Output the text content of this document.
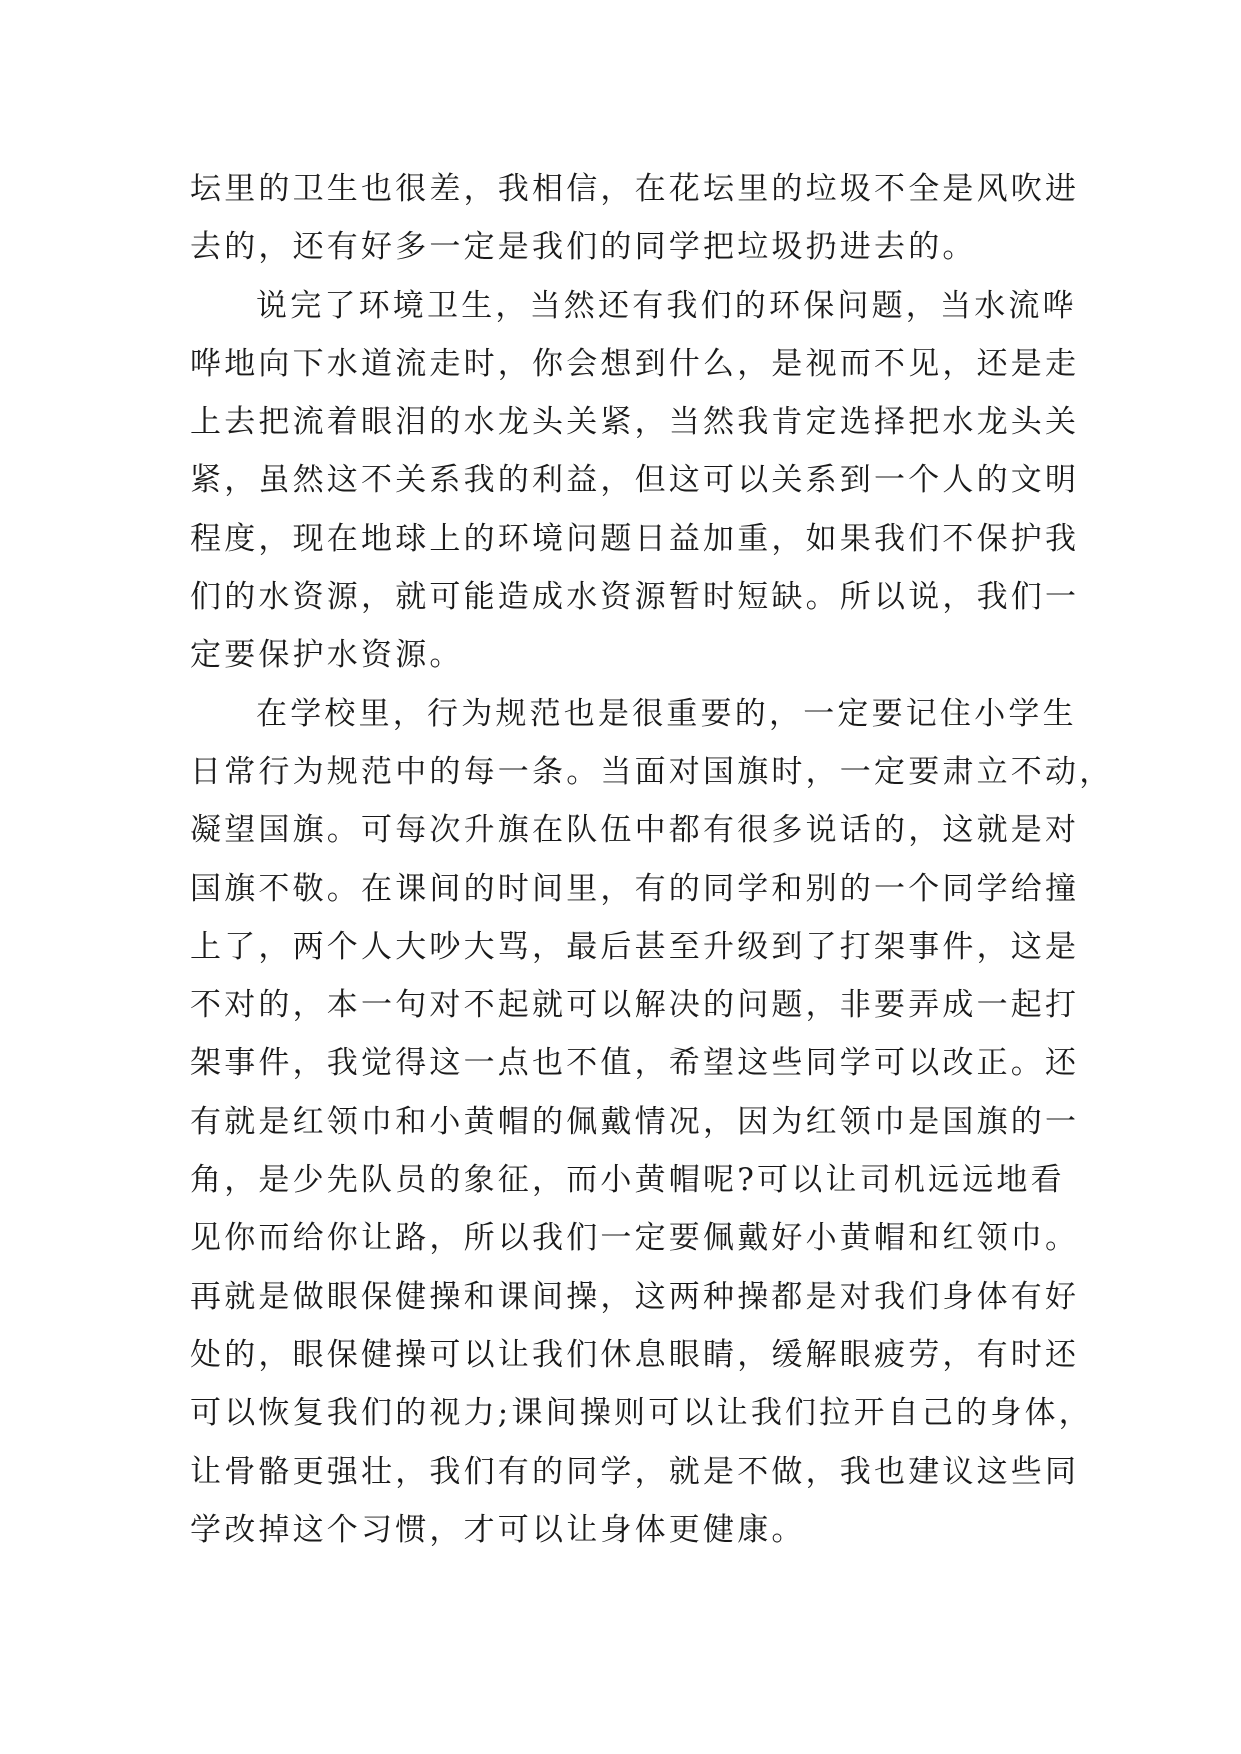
坛里的卫生也很差，我相信，在花坛里的垃圾不全是风吹进
去的，还有好多一定是我们的同学把垃圾扔进去的。
说完了环境卫生，当然还有我们的环保问题，当水流哗
哗地向下水道流走时，你会想到什么，是视而不见，还是走
上去把流着眼泪的水龙头关紧，当然我肯定选择把水龙头关
紧，虽然这不关系我的利益，但这可以关系到一个人的文明
程度，现在地球上的环境问题日益加重，如果我们不保护我
们的水资源，就可能造成水资源暂时短缺。所以说，我们一
定要保护水资源。
在学校里，行为规范也是很重要的，一定要记住小学生
日常行为规范中的每一条。当面对国旗时，一定要肃立不动，
凝望国旗。可每次升旗在队伍中都有很多说话的，这就是对
国旗不敬。在课间的时间里，有的同学和别的一个同学给撞
上了，两个人大吵大骂，最后甚至升级到了打架事件，这是
不对的，本一句对不起就可以解决的问题，非要弄成一起打
架事件，我觉得这一点也不值，希望这些同学可以改正。还
有就是红领巾和小黄帽的佩戴情况，因为红领巾是国旗的一
角，是少先队员的象征，而小黄帽呢?可以让司机远远地看
见你而给你让路，所以我们一定要佩戴好小黄帽和红领巾。
再就是做眼保健操和课间操，这两种操都是对我们身体有好
处的，眼保健操可以让我们休息眼睛，缓解眼疲劳，有时还
可以恢复我们的视力;课间操则可以让我们拉开自己的身体，
让骨骼更强壮，我们有的同学，就是不做，我也建议这些同
学改掉这个习惯，才可以让身体更健康。
